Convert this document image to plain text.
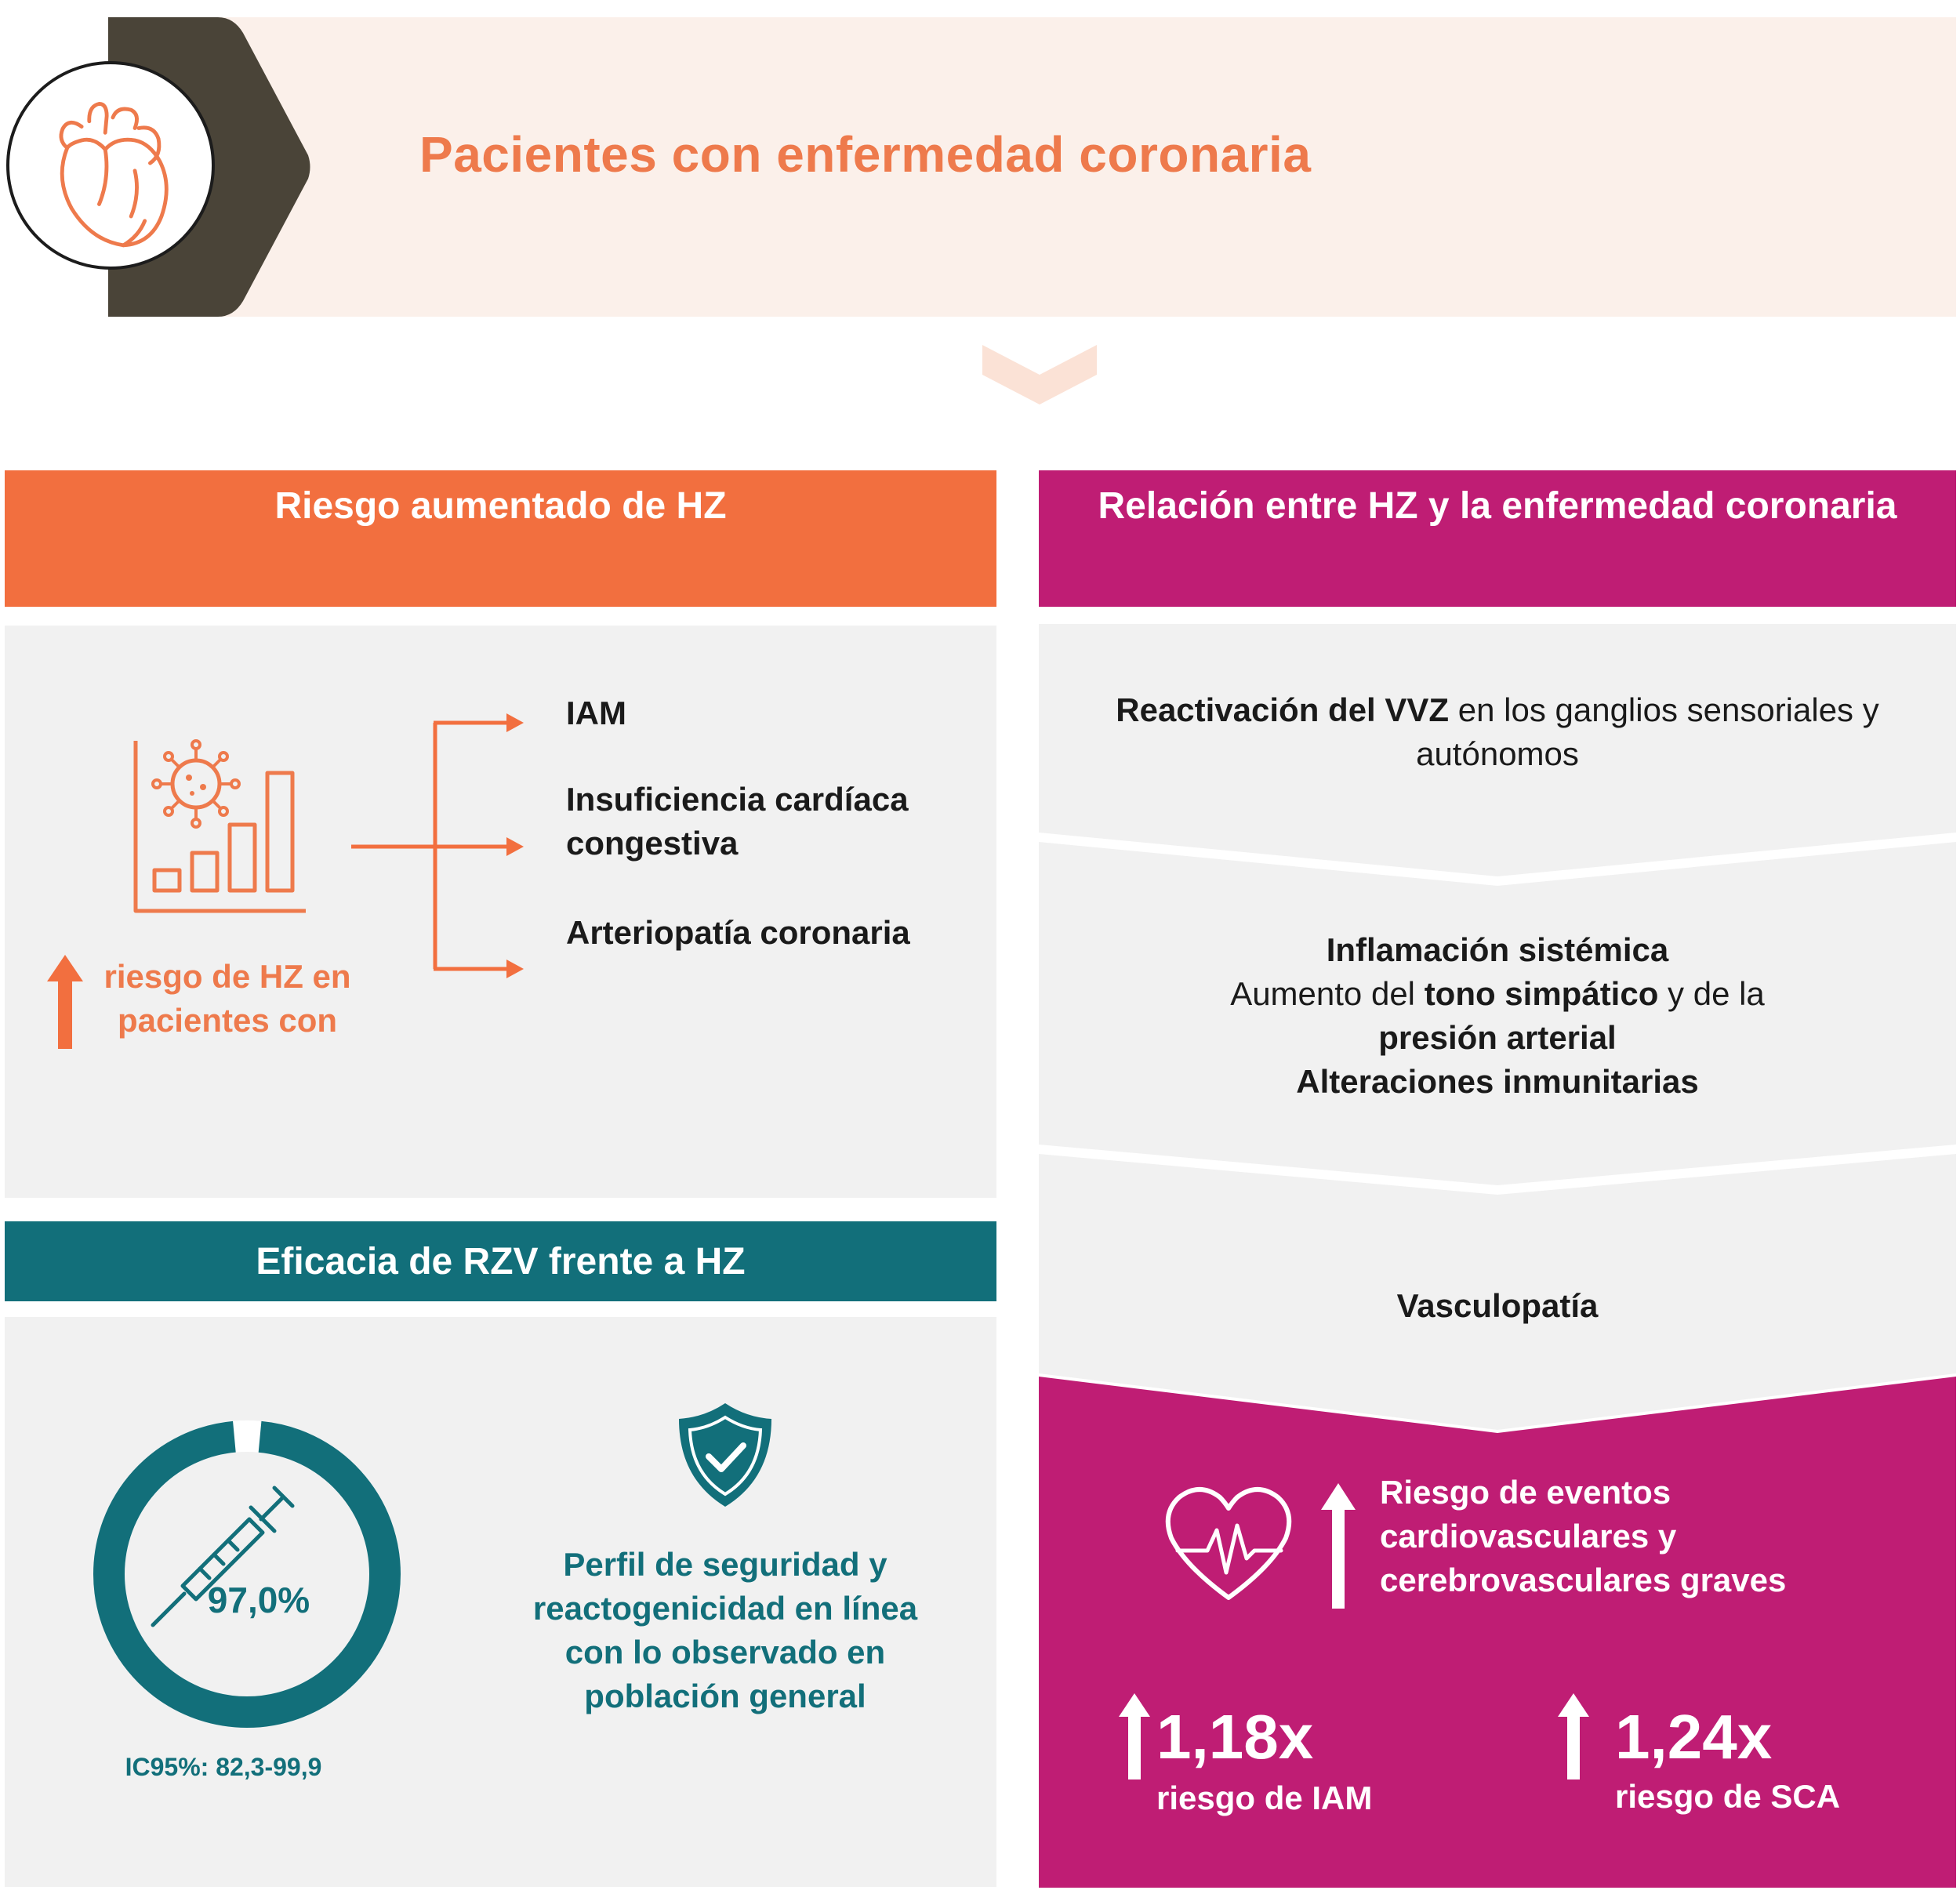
Pacientes con enfermedad coronaria
Riesgo aumentado de HZ
IAM
Insuficiencia cardíaca congestiva
Arteriopatía coronaria
riesgo de HZ en pacientes con
Eficacia de RZV frente a HZ
97,0%
IC95%: 82,3-99,9
Perfil de seguridad y reactogenicidad en línea con lo observado en población general
Relación entre HZ y la enfermedad coronaria
Reactivación del VVZ en los ganglios sensoriales y autónomos
Inflamación sistémica
Aumento del tono simpático y de la
presión arterial
Alteraciones inmunitarias
Vasculopatía
Riesgo de eventos cardiovasculares y cerebrovasculares graves
1,18x
riesgo de IAM
1,24x
riesgo de SCA
